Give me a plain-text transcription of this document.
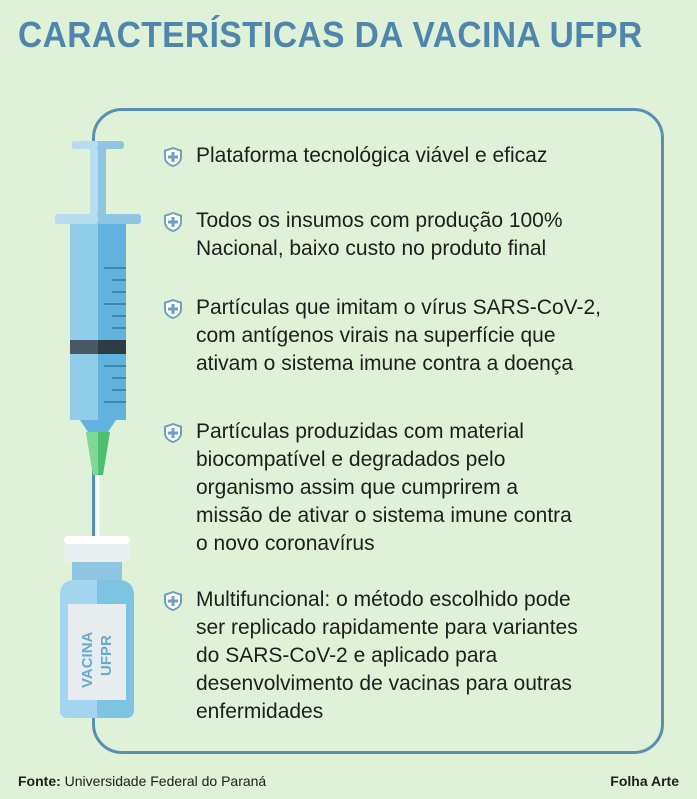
CARACTERÍSTICAS DA VACINA UFPR
VACINA UFPR
Plataforma tecnológica viável e eficaz
Todos os insumos com produção 100%
Nacional, baixo custo no produto final
Partículas que imitam o vírus SARS-CoV-2,
com antígenos virais na superfície que
ativam o sistema imune contra a doença
Partículas produzidas com material
biocompatível e degradados pelo
organismo assim que cumprirem a
missão de ativar o sistema imune contra
o novo coronavírus
Multifuncional: o método escolhido pode
ser replicado rapidamente para variantes
do SARS-CoV-2 e aplicado para
desenvolvimento de vacinas para outras
enfermidades
Fonte: Universidade Federal do Paraná	Folha Arte
